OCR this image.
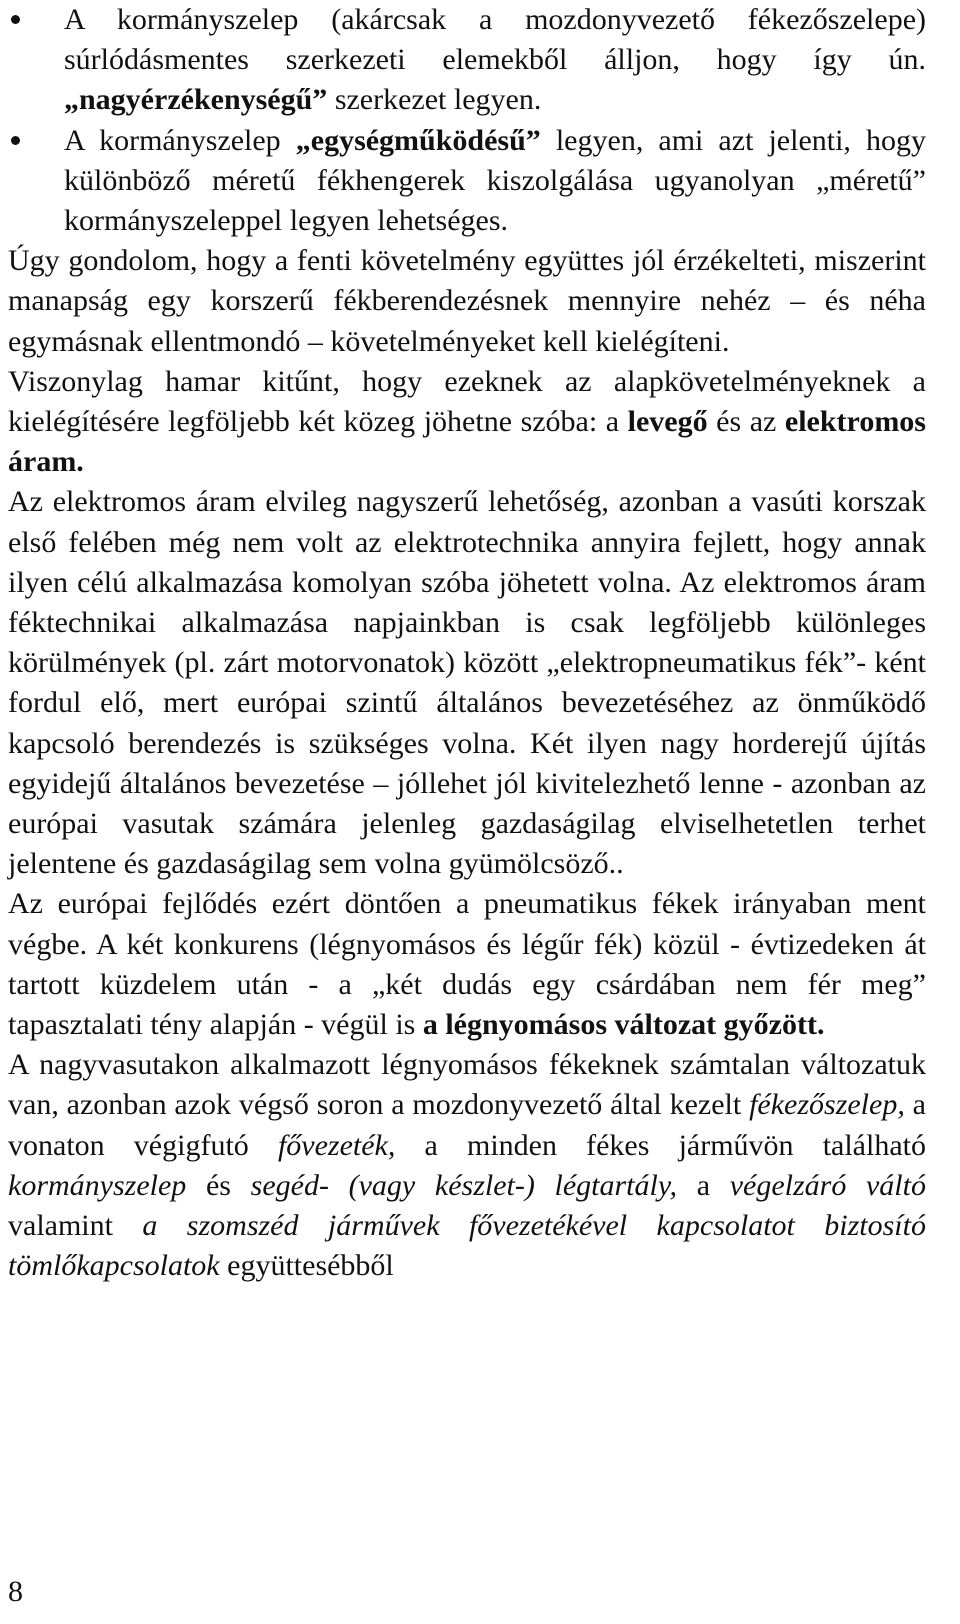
A kormányszelep (akárcsak a mozdonyvezető fékezőszelepe) súrlódásmentes szerkezeti elemekből álljon, hogy így ún. „nagyérzékenységű” szerkezet legyen.
A kormányszelep „egységműködésű” legyen, ami azt jelenti, hogy különböző méretű fékhengerek kiszolgálása ugyanolyan „méretű” kormányszeleppel legyen lehetséges.

Úgy gondolom, hogy a fenti követelmény együttes jól érzékelteti, miszerint manapság egy korszerű fékberendezésnek mennyire nehéz – és néha egymásnak ellentmondó – követelményeket kell kielégíteni.

Viszonylag hamar kitűnt, hogy ezeknek az alapkövetelményeknek a kielégítésére legföljebb két közeg jöhetne szóba: a levegő és az elektromos áram.

Az elektromos áram elvileg nagyszerű lehetőség, azonban a vasúti korszak első felében még nem volt az elektrotechnika annyira fejlett, hogy annak ilyen célú alkalmazása komolyan szóba jöhetett volna. Az elektromos áram féktechnikai alkalmazása napjainkban is csak legföljebb különleges körülmények (pl. zárt motorvonatok) között „elektropneumatikus fék”- ként fordul elő, mert európai szintű általános bevezetéséhez az önműködő kapcsoló berendezés is szükséges volna. Két ilyen nagy horderejű újítás egyidejű általános bevezetése – jóllehet jól kivitelezhető lenne - azonban az európai vasutak számára jelenleg gazdaságilag elviselhetetlen terhet jelentene és gazdaságilag sem volna gyümölcsöző..

Az európai fejlődés ezért döntően a pneumatikus fékek irányaban ment végbe. A két konkurens (légnyomásos és légűr fék) közül - évtizedeken át tartott küzdelem után - a „két dudás egy csárdában nem fér meg” tapasztalati tény alapján - végül is a légnyomásos változat győzött.

A nagyvasutakon alkalmazott légnyomásos fékeknek számtalan változatuk van, azonban azok végső soron a mozdonyvezető által kezelt fékezőszelep, a vonaton végigfutó fővezeték, a minden fékes járművön található kormányszelep és segéd- (vagy készlet-) légtartály, a végelzáró váltó valamint a szomszéd járművek fővezetékével kapcsolatot biztosító tömlőkapcsolatok együttesébből

8
